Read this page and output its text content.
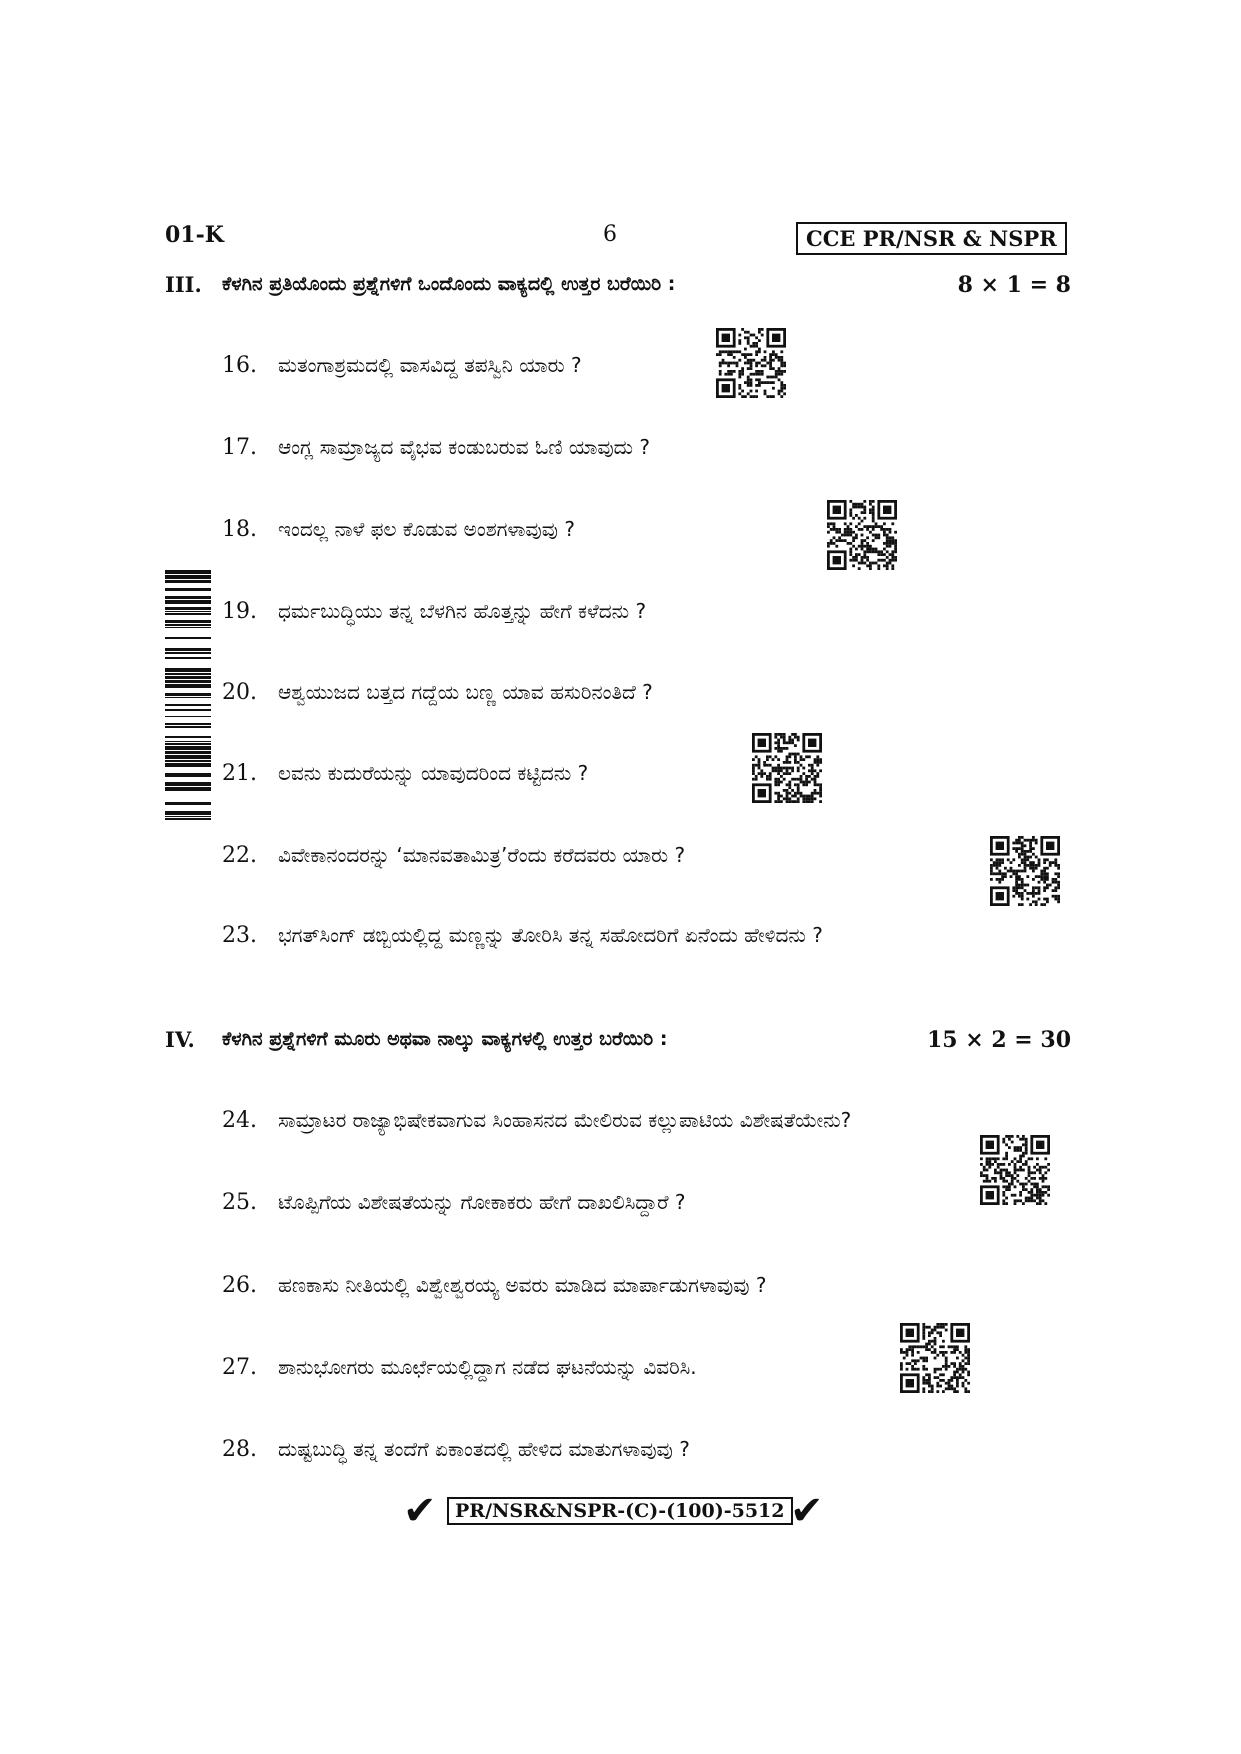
01-K	6	CCE PR/NSR & NSPR
III. ಕೆಳಗಿನ ಪ್ರತಿಯೊಂದು ಪ್ರಶ್ನೆಗಳಿಗೆ ಒಂದೊಂದು ವಾಕ್ಯದಲ್ಲಿ ಉತ್ತರ ಬರೆಯಿರಿ :	8 × 1 = 8
16. ಮತಂಗಾಶ್ರಮದಲ್ಲಿ ವಾಸವಿದ್ದ ತಪಸ್ವಿನಿ ಯಾರು ?
17. ಆಂಗ್ಲ ಸಾಮ್ರಾಜ್ಯದ ವೈಭವ ಕಂಡುಬರುವ ಓಣಿ ಯಾವುದು ?
18. ಇಂದಲ್ಲ ನಾಳೆ ಫಲ ಕೊಡುವ ಅಂಶಗಳಾವುವು ?
19. ಧರ್ಮಬುದ್ಧಿಯು ತನ್ನ ಬೆಳಗಿನ ಹೊತ್ತನ್ನು ಹೇಗೆ ಕಳೆದನು ?
20. ಆಶ್ವಯುಜದ ಬತ್ತದ ಗದ್ದೆಯ ಬಣ್ಣ ಯಾವ ಹಸುರಿನಂತಿದೆ ?
21. ಲವನು ಕುದುರೆಯನ್ನು ಯಾವುದರಿಂದ ಕಟ್ಟಿದನು ?
22. ವಿವೇಕಾನಂದರನ್ನು ‘ಮಾನವತಾಮಿತ್ರ’ರೆಂದು ಕರೆದವರು ಯಾರು ?
23. ಭಗತ್‌ಸಿಂಗ್ ಡಬ್ಬಿಯಲ್ಲಿದ್ದ ಮಣ್ಣನ್ನು ತೋರಿಸಿ ತನ್ನ ಸಹೋದರಿಗೆ ಏನೆಂದು ಹೇಳಿದನು ?
IV. ಕೆಳಗಿನ ಪ್ರಶ್ನೆಗಳಿಗೆ ಮೂರು ಅಥವಾ ನಾಲ್ಕು ವಾಕ್ಯಗಳಲ್ಲಿ ಉತ್ತರ ಬರೆಯಿರಿ :	15 × 2 = 30
24. ಸಾಮ್ರಾಟರ ರಾಜ್ಯಾಭಿಷೇಕವಾಗುವ ಸಿಂಹಾಸನದ ಮೇಲಿರುವ ಕಲ್ಲುಪಾಟಿಯ ವಿಶೇಷತೆಯೇನು?
25. ಟೊಪ್ಪಿಗೆಯ ವಿಶೇಷತೆಯನ್ನು ಗೋಕಾಕರು ಹೇಗೆ ದಾಖಲಿಸಿದ್ದಾರೆ ?
26. ಹಣಕಾಸು ನೀತಿಯಲ್ಲಿ ವಿಶ್ವೇಶ್ವರಯ್ಯ ಅವರು ಮಾಡಿದ ಮಾರ್ಪಾಡುಗಳಾವುವು ?
27. ಶಾನುಭೋಗರು ಮೂರ್ಛೆಯಲ್ಲಿದ್ದಾಗ ನಡೆದ ಘಟನೆಯನ್ನು ವಿವರಿಸಿ.
28. ದುಷ್ಟಬುದ್ಧಿ ತನ್ನ ತಂದೆಗೆ ಏಕಾಂತದಲ್ಲಿ ಹೇಳಿದ ಮಾತುಗಳಾವುವು ?
✔ PR/NSR&NSPR-(C)-(100)-5512 ✔
